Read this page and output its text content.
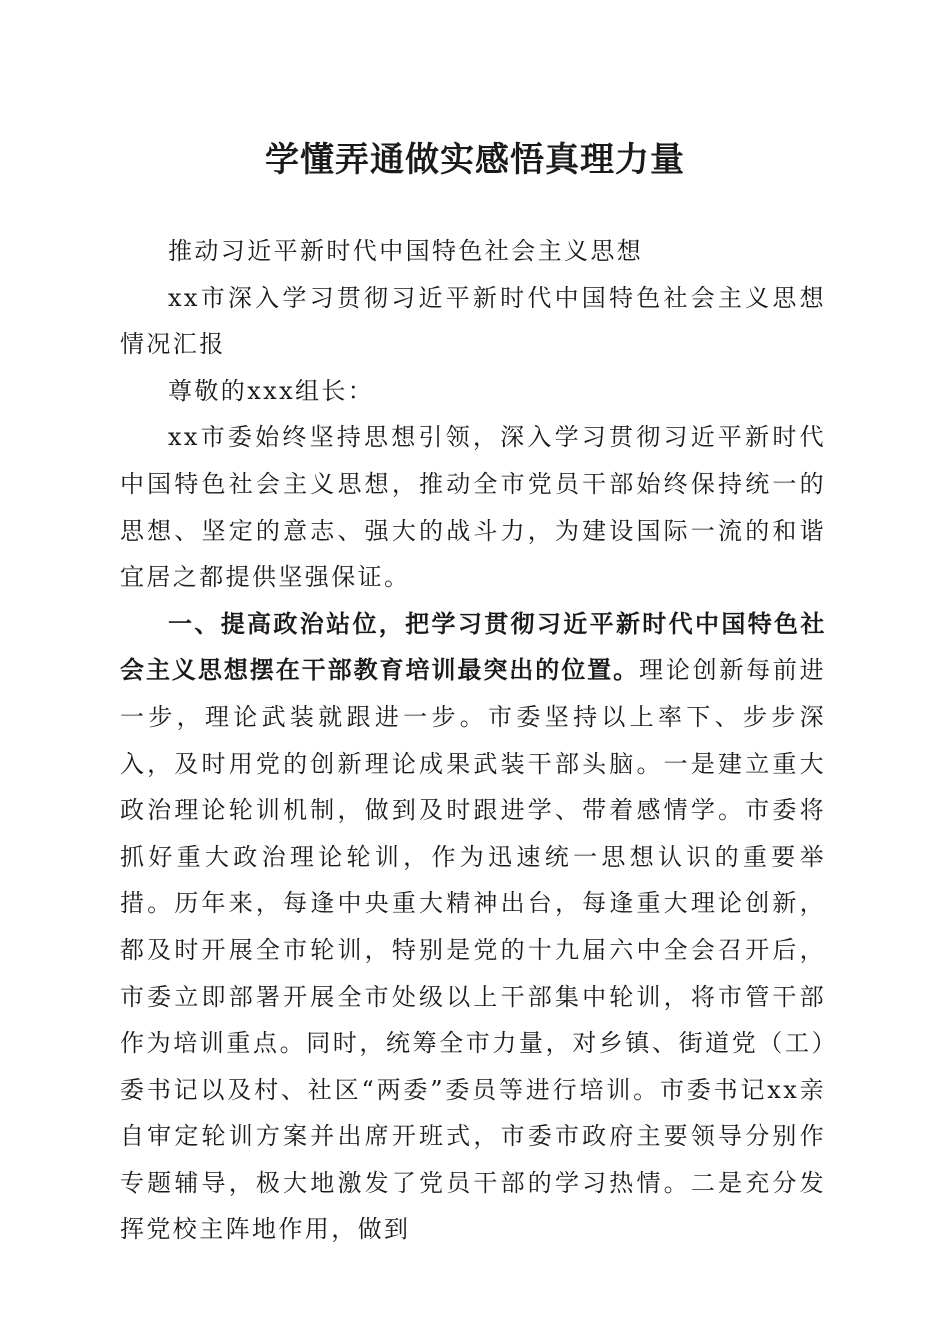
学懂弄通做实感悟真理力量

推动习近平新时代中国特色社会主义思想

xx市深入学习贯彻习近平新时代中国特色社会主义思想情况汇报

尊敬的xxx组长：

xx市委始终坚持思想引领，深入学习贯彻习近平新时代中国特色社会主义思想，推动全市党员干部始终保持统一的思想、坚定的意志、强大的战斗力，为建设国际一流的和谐宜居之都提供坚强保证。

一、提高政治站位，把学习贯彻习近平新时代中国特色社会主义思想摆在干部教育培训最突出的位置。理论创新每前进一步，理论武装就跟进一步。市委坚持以上率下、步步深入，及时用党的创新理论成果武装干部头脑。一是建立重大政治理论轮训机制，做到及时跟进学、带着感情学。市委将抓好重大政治理论轮训，作为迅速统一思想认识的重要举措。历年来，每逢中央重大精神出台，每逢重大理论创新，都及时开展全市轮训，特别是党的十九届六中全会召开后，市委立即部署开展全市处级以上干部集中轮训，将市管干部作为培训重点。同时，统筹全市力量，对乡镇、街道党（工）委书记以及村、社区“两委”委员等进行培训。市委书记xx亲自审定轮训方案并出席开班式，市委市政府主要领导分别作专题辅导，极大地激发了党员干部的学习热情。二是充分发挥党校主阵地作用，做到
